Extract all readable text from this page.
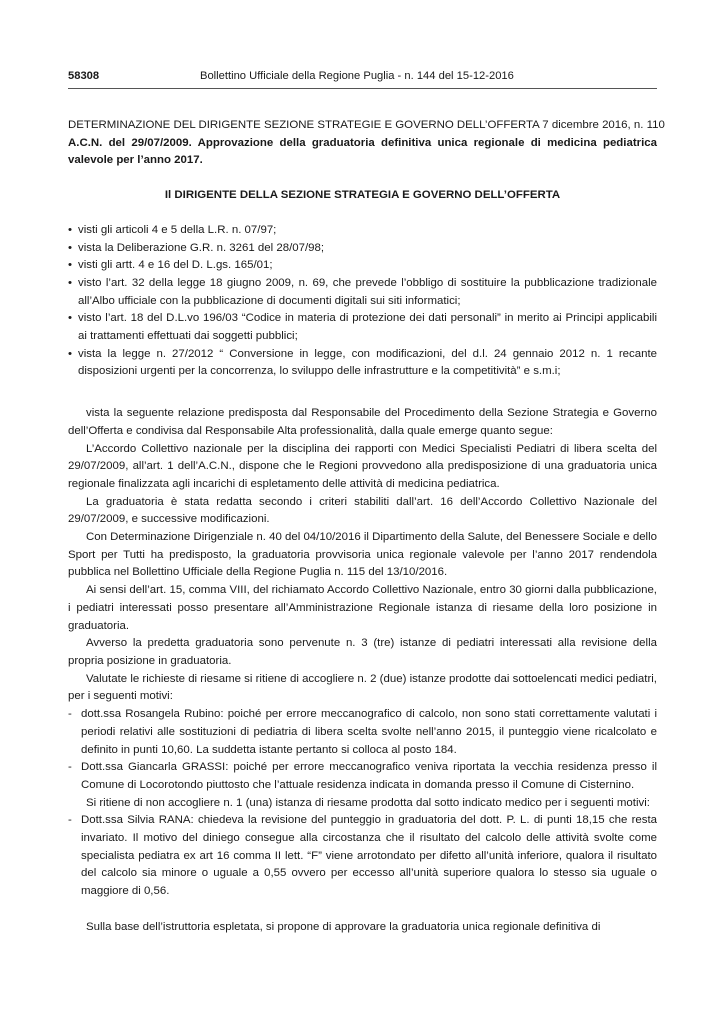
58308	Bollettino Ufficiale della Regione Puglia - n. 144 del 15-12-2016
DETERMINAZIONE DEL DIRIGENTE SEZIONE STRATEGIE E GOVERNO DELL’OFFERTA 7 dicembre 2016, n. 110
A.C.N. del 29/07/2009. Approvazione della graduatoria definitiva unica regionale di medicina pediatrica
valevole per l’anno 2017.
Il DIRIGENTE DELLA SEZIONE STRATEGIA E GOVERNO DELL’OFFERTA
• visti gli articoli 4 e 5 della L.R. n. 07/97;
• vista la Deliberazione G.R. n. 3261 del 28/07/98;
• visti gli artt. 4 e 16 del D. L.gs. 165/01;
• visto l’art. 32 della legge 18 giugno 2009, n. 69, che prevede l’obbligo di sostituire la pubblicazione tradizionale all’Albo ufficiale con la pubblicazione di documenti digitali sui siti informatici;
• visto l’art. 18 del D.L.vo 196/03 “Codice in materia di protezione dei dati personali” in merito ai Principi applicabili ai trattamenti effettuati dai soggetti pubblici;
• vista la legge n. 27/2012 “ Conversione in legge, con modificazioni, del d.l. 24 gennaio 2012 n. 1 recante disposizioni urgenti per la concorrenza, lo sviluppo delle infrastrutture e la competitività” e s.m.i;

vista la seguente relazione predisposta dal Responsabile del Procedimento della Sezione Strategia e Governo dell’Offerta e condivisa dal Responsabile Alta professionalità, dalla quale emerge quanto segue:

L’Accordo Collettivo nazionale per la disciplina dei rapporti con Medici Specialisti Pediatri di libera scelta del 29/07/2009, all’art. 1 dell’A.C.N., dispone che le Regioni provvedono alla predisposizione di una graduatoria unica regionale finalizzata agli incarichi di espletamento delle attività di medicina pediatrica.

La graduatoria è stata redatta secondo i criteri stabiliti dall’art. 16 dell’Accordo Collettivo Nazionale del 29/07/2009, e successive modificazioni.

Con Determinazione Dirigenziale n. 40 del 04/10/2016 il Dipartimento della Salute, del Benessere Sociale e dello Sport per Tutti ha predisposto, la graduatoria provvisoria unica regionale valevole per l’anno 2017 rendendola pubblica nel Bollettino Ufficiale della Regione Puglia n. 115 del 13/10/2016.

Ai sensi dell’art. 15, comma VIII, del richiamato Accordo Collettivo Nazionale, entro 30 giorni dalla pubblicazione, i pediatri interessati posso presentare all’Amministrazione Regionale istanza di riesame della loro posizione in graduatoria.

Avverso la predetta graduatoria sono pervenute n. 3 (tre) istanze di pediatri interessati alla revisione della propria posizione in graduatoria.

Valutate le richieste di riesame si ritiene di accogliere n. 2 (due) istanze prodotte dai sottoelencati medici pediatri, per i seguenti motivi:

- dott.ssa Rosangela Rubino: poiché per errore meccanografico di calcolo, non sono stati correttamente valutati i periodi relativi alle sostituzioni di pediatria di libera scelta svolte nell’anno 2015, il punteggio viene ricalcolato e definito in punti 10,60. La suddetta istante pertanto si colloca al posto 184.
- Dott.ssa Giancarla GRASSI: poiché per errore meccanografico veniva riportata la vecchia residenza presso il Comune di Locorotondo piuttosto che l’attuale residenza indicata in domanda presso il Comune di Cisternino.

Si ritiene di non accogliere n. 1 (una) istanza di riesame prodotta dal sotto indicato medico per i seguenti motivi:

- Dott.ssa Silvia RANA: chiedeva la revisione del punteggio in graduatoria del dott. P. L. di punti 18,15 che resta invariato. Il motivo del diniego consegue alla circostanza che il risultato del calcolo delle attività svolte come specialista pediatra ex art 16 comma II lett. “F” viene arrotondato per difetto all’unità inferiore, qualora il risultato del calcolo sia minore o uguale a 0,55 ovvero per eccesso all’unità superiore qualora lo stesso sia uguale o maggiore di 0,56.

Sulla base dell’istruttoria espletata, si propone di approvare la graduatoria unica regionale definitiva di
